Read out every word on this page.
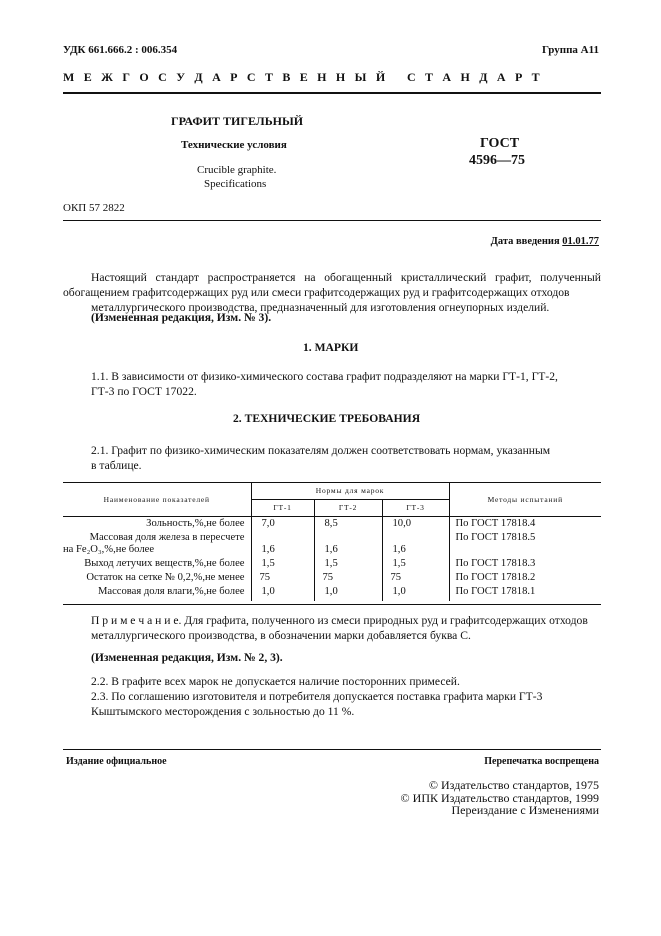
УДК 661.666.2 : 006.354	Группа А11
М Е Ж Г О С У Д А Р С Т В Е Н Н Ы Й   С Т А Н Д А Р Т
ГРАФИТ ТИГЕЛЬНЫЙ
Технические условия
Crucible graphite.
Specifications
ГОСТ
4596—75
ОКП 57 2822
Дата введения 01.01.77
Настоящий стандарт распространяется на обогащенный кристаллический графит, полученный обогащением графитсодержащих руд или смеси графитсодержащих руд и графитсодержащих отходов
металлургического производства, предназначенный для изготовления огнеупорных изделий.
(Измененная редакция, Изм. № 3).
1. МАРКИ
1.1. В зависимости от физико-химического состава графит подразделяют на марки ГТ-1, ГТ-2,
ГТ-3 по ГОСТ 17022.
2. ТЕХНИЧЕСКИЕ ТРЕБОВАНИЯ
2.1. Графит по физико-химическим показателям должен соответствовать нормам, указанным
в таблице.
Наименование показателей	Нормы для марок			Методы испытаний
	ГТ-1	ГТ-2	ГТ-3	
Зольность,%,не более	7,0	8,5	10,0	По ГОСТ 17818.4

Массовая доля железа в пересчете
на Fe₂O₃,%,не более	1,6	1,6	1,6	По ГОСТ 17818.5
Выход летучих веществ,%,не более	1,5	1,5	1,5	По ГОСТ 17818.3
Остаток на сетке № 0,2,%,не менее	75	75	75	По ГОСТ 17818.2
Массовая доля влаги,%,не более	1,0	1,0	1,0	По ГОСТ 17818.1
П р и м е ч а н и е. Для графита, полученного из смеси природных руд и графитсодержащих отходов
металлургического производства, в обозначении марки добавляется буква С.
(Измененная редакция, Изм. № 2, 3).
2.2. В графите всех марок не допускается наличие посторонних примесей.
2.3. По соглашению изготовителя и потребителя допускается поставка графита марки ГТ-3
Кыштымского месторождения с зольностью до 11 %.
Издание официальное	Перепечатка воспрещена
© Издательство стандартов, 1975
© ИПК Издательство стандартов, 1999
Переиздание с Изменениями
